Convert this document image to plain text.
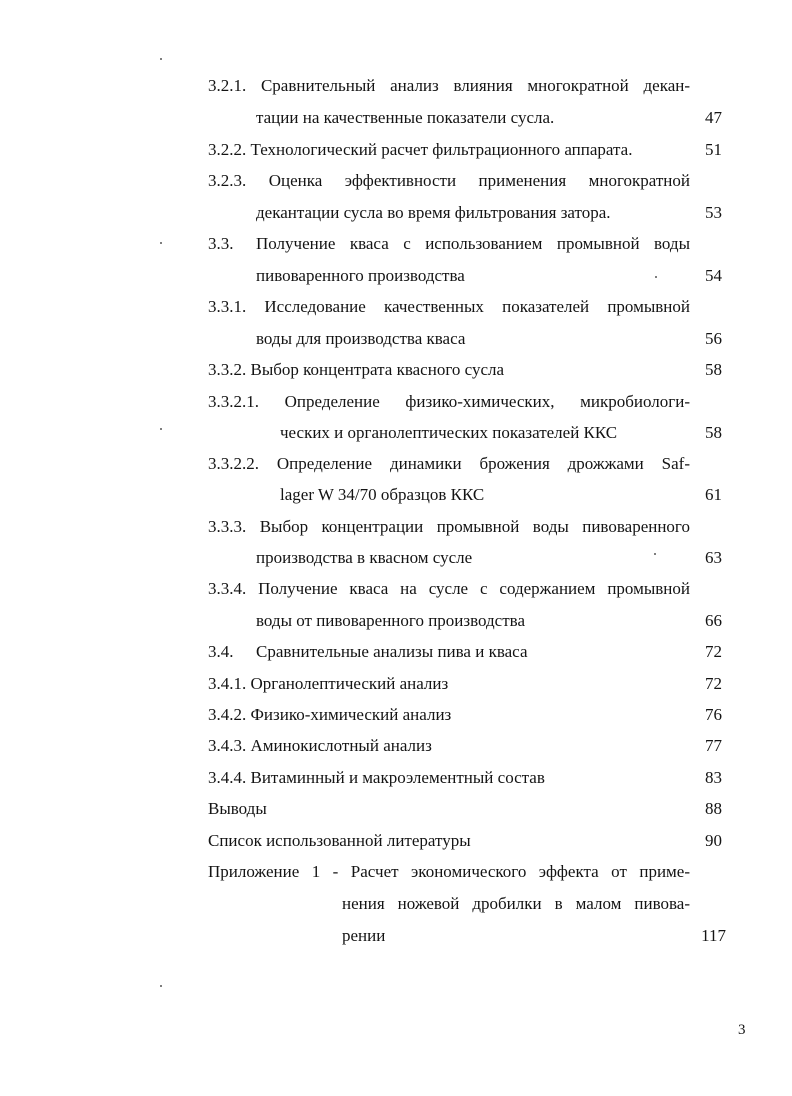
3.2.1. Сравнительный анализ влияния многократной декан-
тации на качественные показатели сусла.	47
3.2.2. Технологический расчет фильтрационного аппарата.	51
3.2.3. Оценка эффективности применения многократной
декантации сусла во время фильтрования затора.	53
3.3. Получение кваса с использованием промывной воды
пивоваренного производства	54
3.3.1. Исследование качественных показателей промывной
воды для производства кваса	56
3.3.2. Выбор концентрата квасного сусла	58
3.3.2.1. Определение физико-химических, микробиологи-
ческих и органолептических показателей ККС	58
3.3.2.2. Определение динамики брожения дрожжами Saf-
lager W 34/70 образцов ККС	61
3.3.3. Выбор концентрации промывной воды пивоваренного
производства в квасном сусле	63
3.3.4. Получение кваса на сусле с содержанием промывной
воды от пивоваренного производства	66
3.4. Сравнительные анализы пива и кваса	72
3.4.1. Органолептический анализ	72
3.4.2. Физико-химический анализ	76
3.4.3. Аминокислотный анализ	77
3.4.4. Витаминный и макроэлементный состав	83
Выводы	88
Список использованной литературы	90
Приложение 1 - Расчет экономического эффекта от приме-
нения ножевой дробилки в малом пивова-
рении	117
3
